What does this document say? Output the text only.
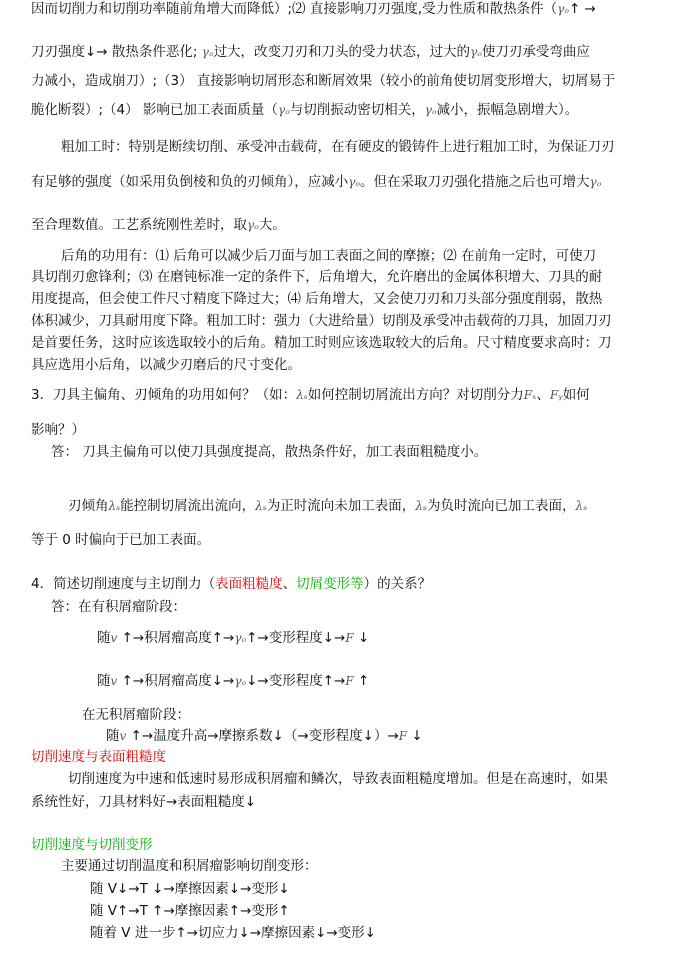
因而切削力和切削功率随前角增大而降低）;⑵ 直接影响刀刃强度,受力性质和散热条件（γₒ↑ →
刀刃强度↓→ 散热条件恶化; γₒ过大，改变刀刃和刀头的受力状态，过大的γₒ使刀刃承受弯曲应
力减小，造成崩刀）;（3） 直接影响切屑形态和断屑效果（较小的前角使切屑变形增大，切屑易于
脆化断裂）;（4） 影响已加工表面质量（γₒ与切削振动密切相关，γₒ减小，振幅急剧增大）。
粗加工时：特别是断续切削、承受冲击载荷，在有硬皮的锻铸件上进行粗加工时，为保证刀刃
有足够的强度（如采用负倒棱和负的刃倾角），应减小γₒ。但在采取刀刃强化措施之后也可增大γₒ
至合理数值。工艺系统刚性差时，取γₒ大。
后角的功用有：⑴ 后角可以减少后刀面与加工表面之间的摩擦；⑵ 在前角一定时，可使刀
具切削刃愈锋利；⑶ 在磨钝标准一定的条件下，后角增大，允许磨出的金属体积增大、刀具的耐
用度提高，但会使工件尺寸精度下降过大；⑷ 后角增大，又会使刀刃和刀头部分强度削弱，散热
体积减少，刀具耐用度下降。粗加工时：强力（大进给量）切削及承受冲击载荷的刀具，加固刀刃
是首要任务，这时应该选取较小的后角。精加工时则应该选取较大的后角。尺寸精度要求高时：刀
具应选用小后角，以减少刃磨后的尺寸变化。
3．刀具主偏角、刃倾角的功用如何？（如：λₛ如何控制切屑流出方向？对切削分力Fₓ、Fᵧ如何
影响？）
答： 刀具主偏角可以使刀具强度提高，散热条件好，加工表面粗糙度小。
刃倾角λₛ能控制切屑流出流向，λₛ为正时流向未加工表面，λₛ为负时流向已加工表面，λₛ
等于 0 时偏向于已加工表面。
4．简述切削速度与主切削力（表面粗糙度、切屑变形等）的关系？
答：在有积屑瘤阶段：
随v ↑→积屑瘤高度↑→γₒ↑→变形程度↓→F ↓
随v ↑→积屑瘤高度↓→γₒ↓→变形程度↑→F ↑
在无积屑瘤阶段：
随v ↑→温度升高→摩擦系数↓（→变形程度↓）→F ↓
切削速度与表面粗糙度
切削速度为中速和低速时易形成积屑瘤和鳞次，导致表面粗糙度增加。但是在高速时，如果
系统性好，刀具材料好→表面粗糙度↓
切削速度与切削变形
主要通过切削温度和积屑瘤影响切削变形：
随 V↓→T ↓→摩擦因素↓→变形↓
随 V↑→T ↑→摩擦因素↑→变形↑
随着 V 进一步↑→切应力↓→摩擦因素↓→变形↓
